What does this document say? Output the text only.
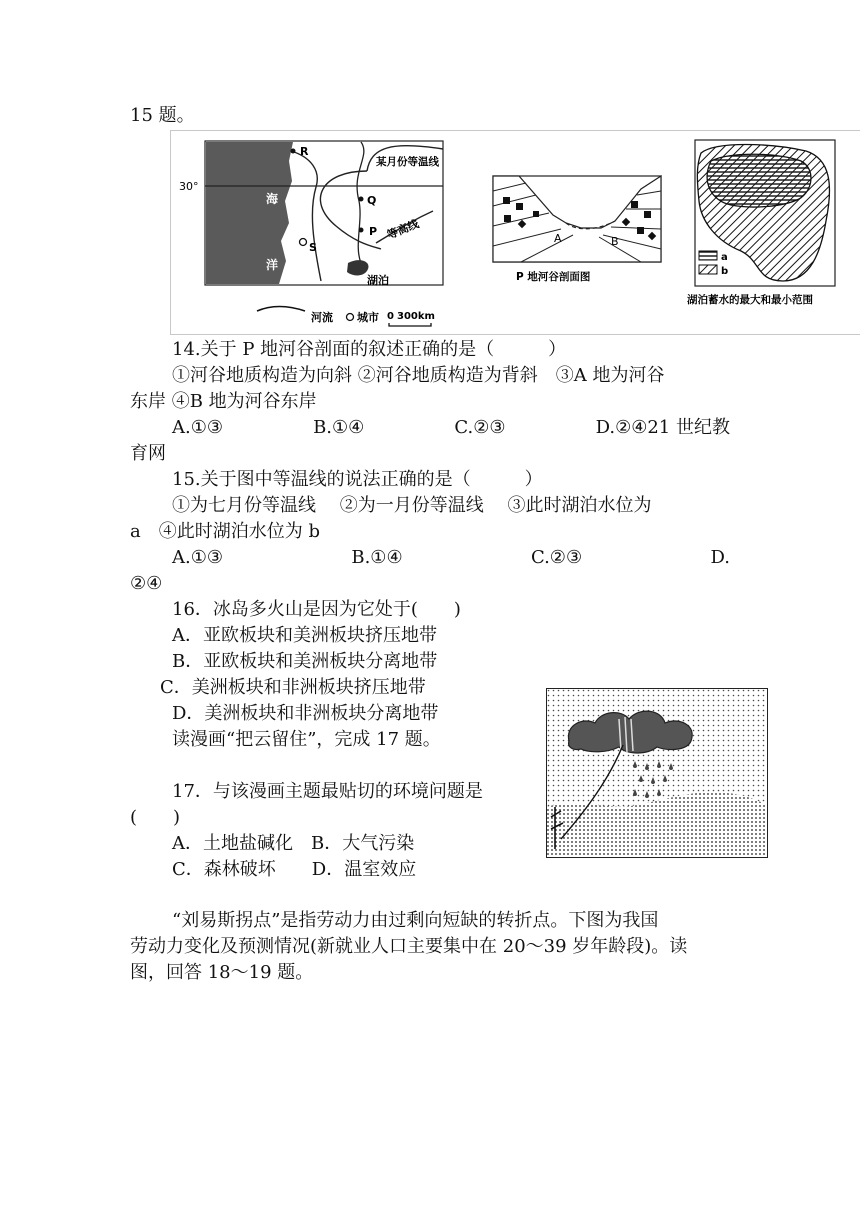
15 题。
R
Q
P
S
海
洋
30°
某月份等温线
等高线
湖泊
河流 城市 0 300km
A	B
P 地河谷剖面图
a
b
湖泊蓄水的最大和最小范围
14.关于 P 地河谷剖面的叙述正确的是（　　　）
①河谷地质构造为向斜 ②河谷地质构造为背斜　③A 地为河谷
东岸 ④B 地为河谷东岸
A.①③	B.①④	C.②③	D.②④21 世纪教
育网
15.关于图中等温线的说法正确的是（　　　）
①为七月份等温线　 ②为一月份等温线　 ③此时湖泊水位为
a　④此时湖泊水位为 b
A.①③	B.①④	C.②③	D.
②④
16．冰岛多火山是因为它处于(　　)
A．亚欧板块和美洲板块挤压地带
B．亚欧板块和美洲板块分离地带
C．美洲板块和非洲板块挤压地带
D．美洲板块和非洲板块分离地带
读漫画“把云留住”，完成 17 题。
17．与该漫画主题最贴切的环境问题是
(　　)
A．土地盐碱化　B．大气污染
C．森林破坏　　D．温室效应
“刘易斯拐点”是指劳动力由过剩向短缺的转折点。下图为我国
劳动力变化及预测情况(新就业人口主要集中在 20～39 岁年龄段)。读
图，回答 18～19 题。
